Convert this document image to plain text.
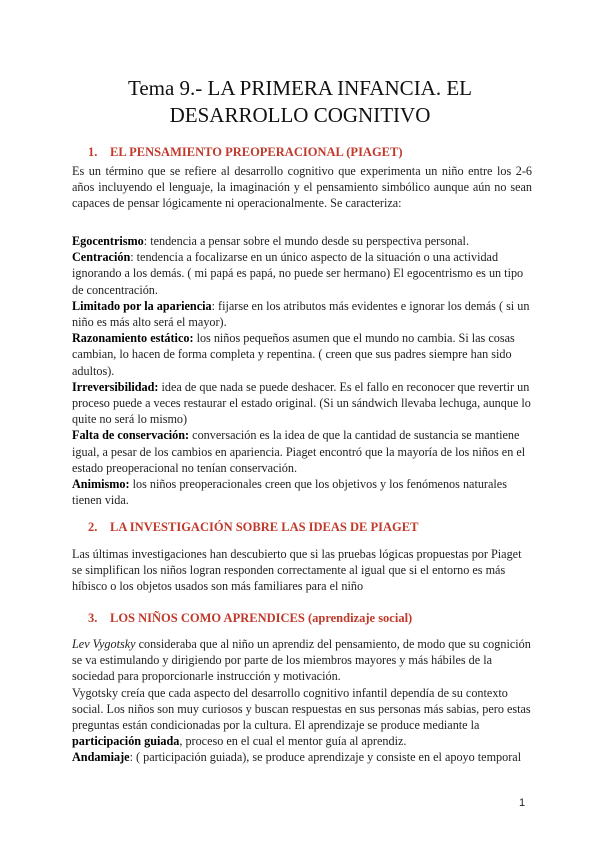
Tema 9.- LA PRIMERA INFANCIA. EL
DESARROLLO COGNITIVO
1. EL PENSAMIENTO PREOPERACIONAL (PIAGET)
Es un término que se refiere al desarrollo cognitivo que experimenta un niño entre los 2-6 años incluyendo el lenguaje, la imaginación y el pensamiento simbólico aunque aún no sean capaces de pensar lógicamente ni operacionalmente. Se caracteriza:
Egocentrismo: tendencia a pensar sobre el mundo desde su perspectiva personal.
Centración: tendencia a focalizarse en un único aspecto de la situación o una actividad ignorando a los demás. ( mi papá es papá, no puede ser hermano) El egocentrismo es un tipo de concentración.
Limitado por la apariencia: fijarse en los atributos más evidentes e ignorar los demás ( si un niño es más alto será el mayor).
Razonamiento estático: los niños pequeños asumen que el mundo no cambia. Si las cosas cambian, lo hacen de forma completa y repentina. ( creen que sus padres siempre han sido adultos).
Irreversibilidad: idea de que nada se puede deshacer. Es el fallo en reconocer que revertir un proceso puede a veces restaurar el estado original. (Si un sándwich llevaba lechuga, aunque lo quite no será lo mismo)
Falta de conservación: conversación es la idea de que la cantidad de sustancia se mantiene igual, a pesar de los cambios en apariencia. Piaget encontró que la mayoría de los niños en el estado preoperacional no tenían conservación.
Animismo: los niños preoperacionales creen que los objetivos y los fenómenos naturales tienen vida.
2. LA INVESTIGACIÓN SOBRE LAS IDEAS DE PIAGET
Las últimas investigaciones han descubierto que si las pruebas lógicas propuestas por Piaget se simplifican los niños logran responden correctamente al igual que si el entorno es más híbisco o los objetos usados son más familiares para el niño
3. LOS NIÑOS COMO APRENDICES (aprendizaje social)
Lev Vygotsky consideraba que al niño un aprendiz del pensamiento, de modo que su cognición se va estimulando y dirigiendo por parte de los miembros mayores y más hábiles de la sociedad para proporcionarle instrucción y motivación.
Vygotsky creía que cada aspecto del desarrollo cognitivo infantil dependía de su contexto social. Los niños son muy curiosos y buscan respuestas en sus personas más sabias, pero estas preguntas están condicionadas por la cultura. El aprendizaje se produce mediante la participación guiada, proceso en el cual el mentor guía al aprendiz.
Andamiaje: ( participación guiada), se produce aprendizaje y consiste en el apoyo temporal
1
